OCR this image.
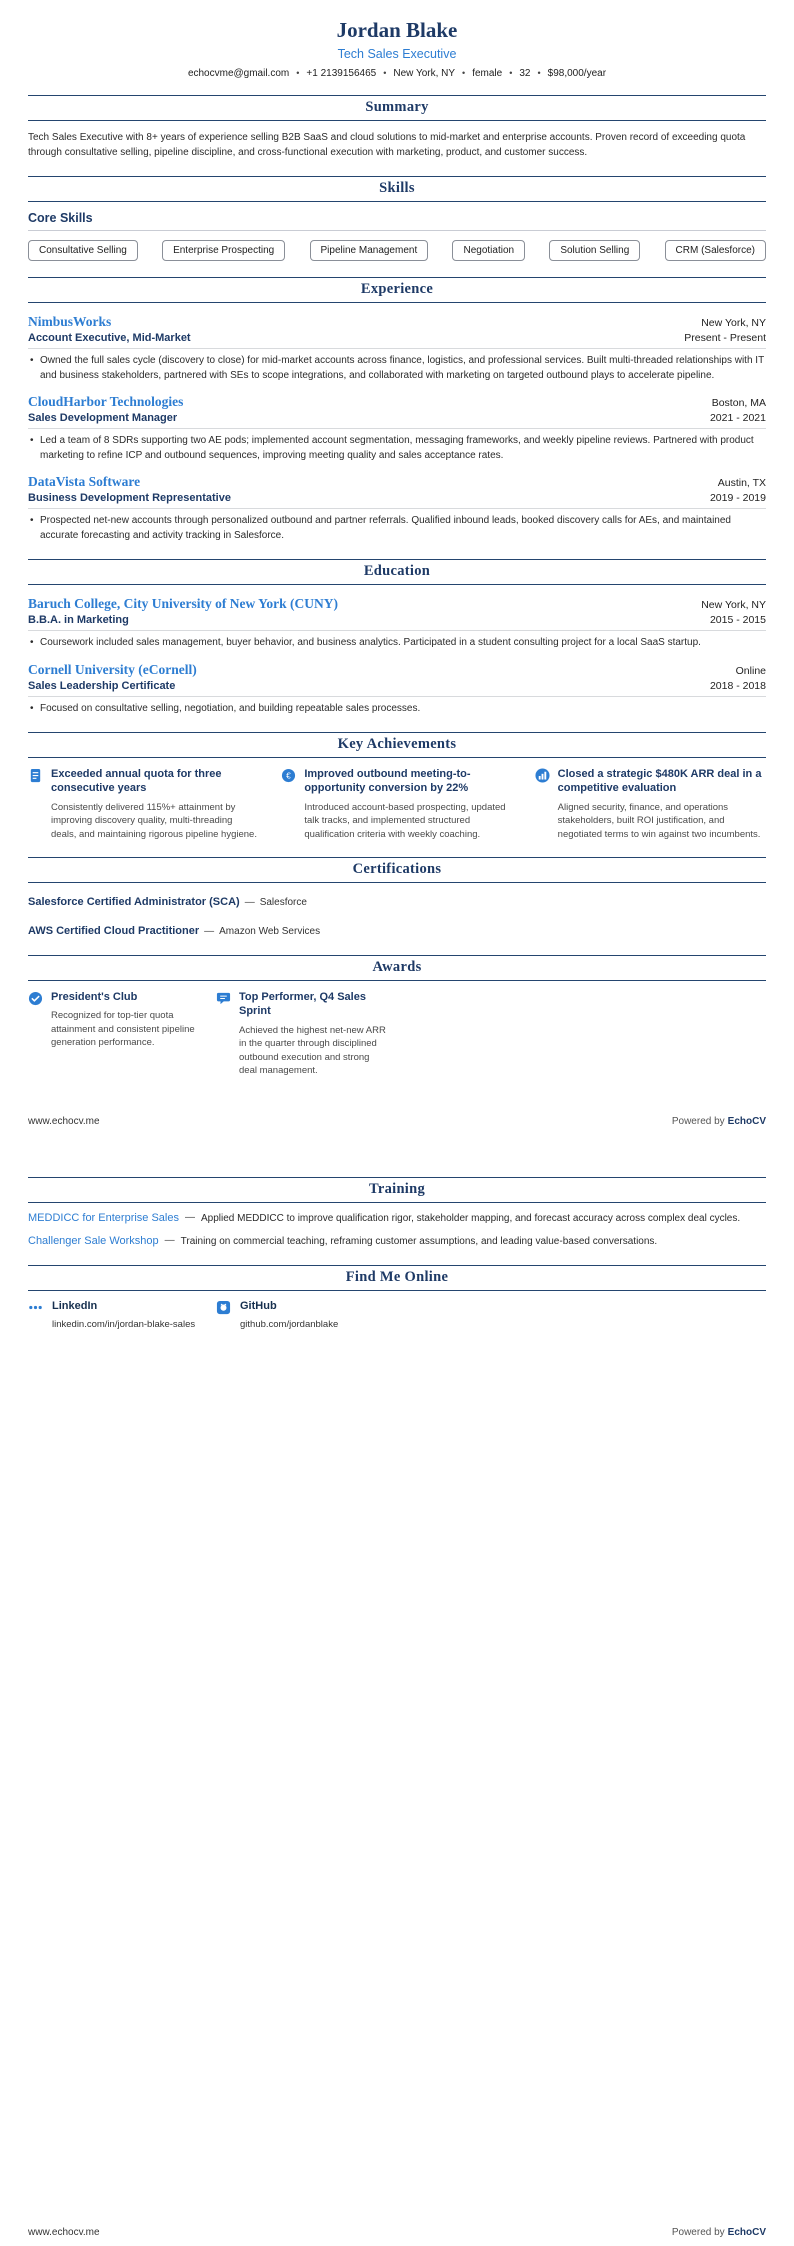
Jordan Blake
Tech Sales Executive
echocvme@gmail.com • +1 2139156465 • New York, NY • female • 32 • $98,000/year
Summary

Tech Sales Executive with 8+ years of experience selling B2B SaaS and cloud solutions to mid-market and enterprise accounts. Proven record of exceeding quota through consultative selling, pipeline discipline, and cross-functional execution with marketing, product, and customer success.

Skills
Core Skills
Consultative Selling	Enterprise Prospecting	Pipeline Management	Negotiation	Solution Selling	CRM (Salesforce)
Experience
NimbusWorks	New York, NY
Account Executive, Mid-Market	Present - Present
• Owned the full sales cycle (discovery to close) for mid-market accounts across finance, logistics, and professional services. Built multi-threaded relationships with IT and business stakeholders, partnered with SEs to scope integrations, and collaborated with marketing on targeted outbound plays to accelerate pipeline.
CloudHarbor Technologies	Boston, MA
Sales Development Manager	2021 - 2021
• Led a team of 8 SDRs supporting two AE pods; implemented account segmentation, messaging frameworks, and weekly pipeline reviews. Partnered with product marketing to refine ICP and outbound sequences, improving meeting quality and sales acceptance rates.
DataVista Software	Austin, TX
Business Development Representative	2019 - 2019
• Prospected net-new accounts through personalized outbound and partner referrals. Qualified inbound leads, booked discovery calls for AEs, and maintained accurate forecasting and activity tracking in Salesforce.
Education
Baruch College, City University of New York (CUNY)	New York, NY
B.B.A. in Marketing	2015 - 2015
• Coursework included sales management, buyer behavior, and business analytics. Participated in a student consulting project for a local SaaS startup.
Cornell University (eCornell)	Online
Sales Leadership Certificate	2018 - 2018
• Focused on consultative selling, negotiation, and building repeatable sales processes.
Key Achievements
Exceeded annual quota for three consecutive years
Consistently delivered 115%+ attainment by improving discovery quality, multi-threading deals, and maintaining rigorous pipeline hygiene.
€ Improved outbound meeting-to-opportunity conversion by 22%
Introduced account-based prospecting, updated talk tracks, and implemented structured qualification criteria with weekly coaching.
Closed a strategic $480K ARR deal in a competitive evaluation
Aligned security, finance, and operations stakeholders, built ROI justification, and negotiated terms to win against two incumbents.
Certifications
Salesforce Certified Administrator (SCA) — Salesforce
AWS Certified Cloud Practitioner — Amazon Web Services
Awards
President's Club
Recognized for top-tier quota attainment and consistent pipeline generation performance.
Top Performer, Q4 Sales Sprint
Achieved the highest net-new ARR in the quarter through disciplined outbound execution and strong deal management.
www.echocv.me	Powered by EchoCV
Training
MEDDICC for Enterprise Sales — Applied MEDDICC to improve qualification rigor, stakeholder mapping, and forecast accuracy across complex deal cycles.
Challenger Sale Workshop — Training on commercial teaching, reframing customer assumptions, and leading value-based conversations.
Find Me Online
LinkedIn
linkedin.com/in/jordan-blake-sales
GitHub
github.com/jordanblake
www.echocv.me	Powered by EchoCV
